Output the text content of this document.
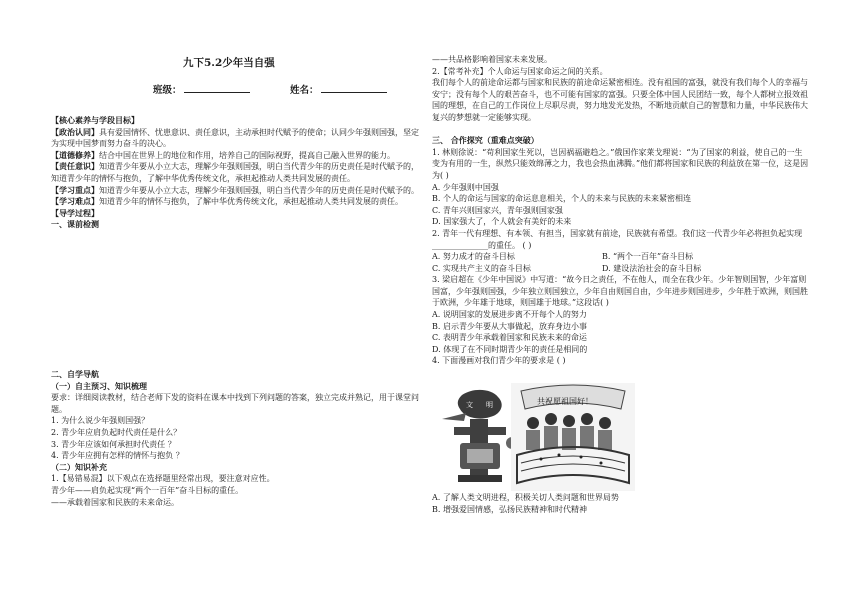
九下5.2少年当自强
班级：	姓名：
【核心素养与学段目标】
【政治认同】具有爱国情怀、忧患意识、责任意识，主动承担时代赋予的使命；认同少年强则国强，坚定为实现中国梦而努力奋斗的决心。
【道德修养】结合中国在世界上的地位和作用，培养自己的国际视野，提高自己融入世界的能力。
【责任意识】知道青少年要从小立大志，理解少年强则国强，明白当代青少年的历史责任是时代赋予的，知道青少年的情怀与抱负，了解中华优秀传统文化，承担起推动人类共同发展的责任。
【学习重点】知道青少年要从小立大志，理解少年强则国强，明白当代青少年的历史责任是时代赋予的。
【学习难点】知道青少年的情怀与抱负，了解中华优秀传统文化，承担起推动人类共同发展的责任。
【导学过程】
一、课前检测
二、自学导航
（一）自主预习、知识梳理
要求：详细阅读教材，结合老师下发的资料在课本中找到下列问题的答案，独立完成并熟记，用于课堂问题。
1. 为什么说少年强则国强？
2. 青少年应肩负起时代责任是什么？
3. 青少年应该如何承担时代责任 ？
4. 青少年应拥有怎样的情怀与抱负 ？
（二）知识补充
1.【易错易混】以下观点在选择题里经常出现，要注意对应性。
青少年——肩负起实现“两个一百年”奋斗目标的重任。
——承载着国家和民族的未来命运。
——共品格影响着国家未来发展。
2.【常考补充】个人命运与国家命运之间的关系。
我们每个人的前途命运都与国家和民族的前途命运紧密相连。没有祖国的富强，就没有我们每个人的幸福与安宁；没有每个人的艰苦奋斗，也不可能有国家的富强。只要全体中国人民团结一致，每个人都树立报效祖国的理想，在自己的工作岗位上尽职尽责，努力地发光发热，不断地贡献自己的智慧和力量，中华民族伟大复兴的梦想就一定能够实现。
三、 合作探究（重难点突破）
1. 林则徐说：“苟利国家生死以，岂因祸福避趋之。”俄国作家莱戈理说：“为了国家的利益，使自己的一生变为有用的一生，纵然只能效绵薄之力，我也会热血沸腾。”他们都将国家和民族的利益放在第一位，这是因为( )
A. 少年强则中国强
B. 个人的命运与国家的命运息息相关，个人的未来与民族的未来紧密相连
C. 青年兴则国家兴，青年强则国家强
D. 国家强大了，个人就会有美好的未来
2. 青年一代有理想、有本领、有担当，国家就有前途，民族就有希望。我们这一代青少年必将担负起实现______________的重任。 ( )
A. 努力成才的奋斗目标	B. “两个一百年”奋斗目标
C. 实现共产主义的奋斗目标	D. 建设法治社会的奋斗目标
3. 梁启超在《少年中国说》中写道：“故今日之责任，不在他人，而全在我少年。少年智则国智，少年富则国富，少年强则国强，少年独立则国独立，少年自由则国自由，少年进步则国进步，少年胜于欧洲，则国胜于欧洲，少年雄于地球，则国雄于地球。”这段话( )
A. 说明国家的发展进步离不开每个人的努力
B. 启示青少年要从大事做起，放弃身边小事
C. 表明青少年承载着国家和民族未来的命运
D. 体现了在不同时期青少年的责任是相同的
4. 下面漫画对我们青少年的要求是 ( )
文 明	共祝愿祖国好！
A. 了解人类文明进程，积极关切人类问题和世界局势
B. 增强爱国情感，弘扬民族精神和时代精神
